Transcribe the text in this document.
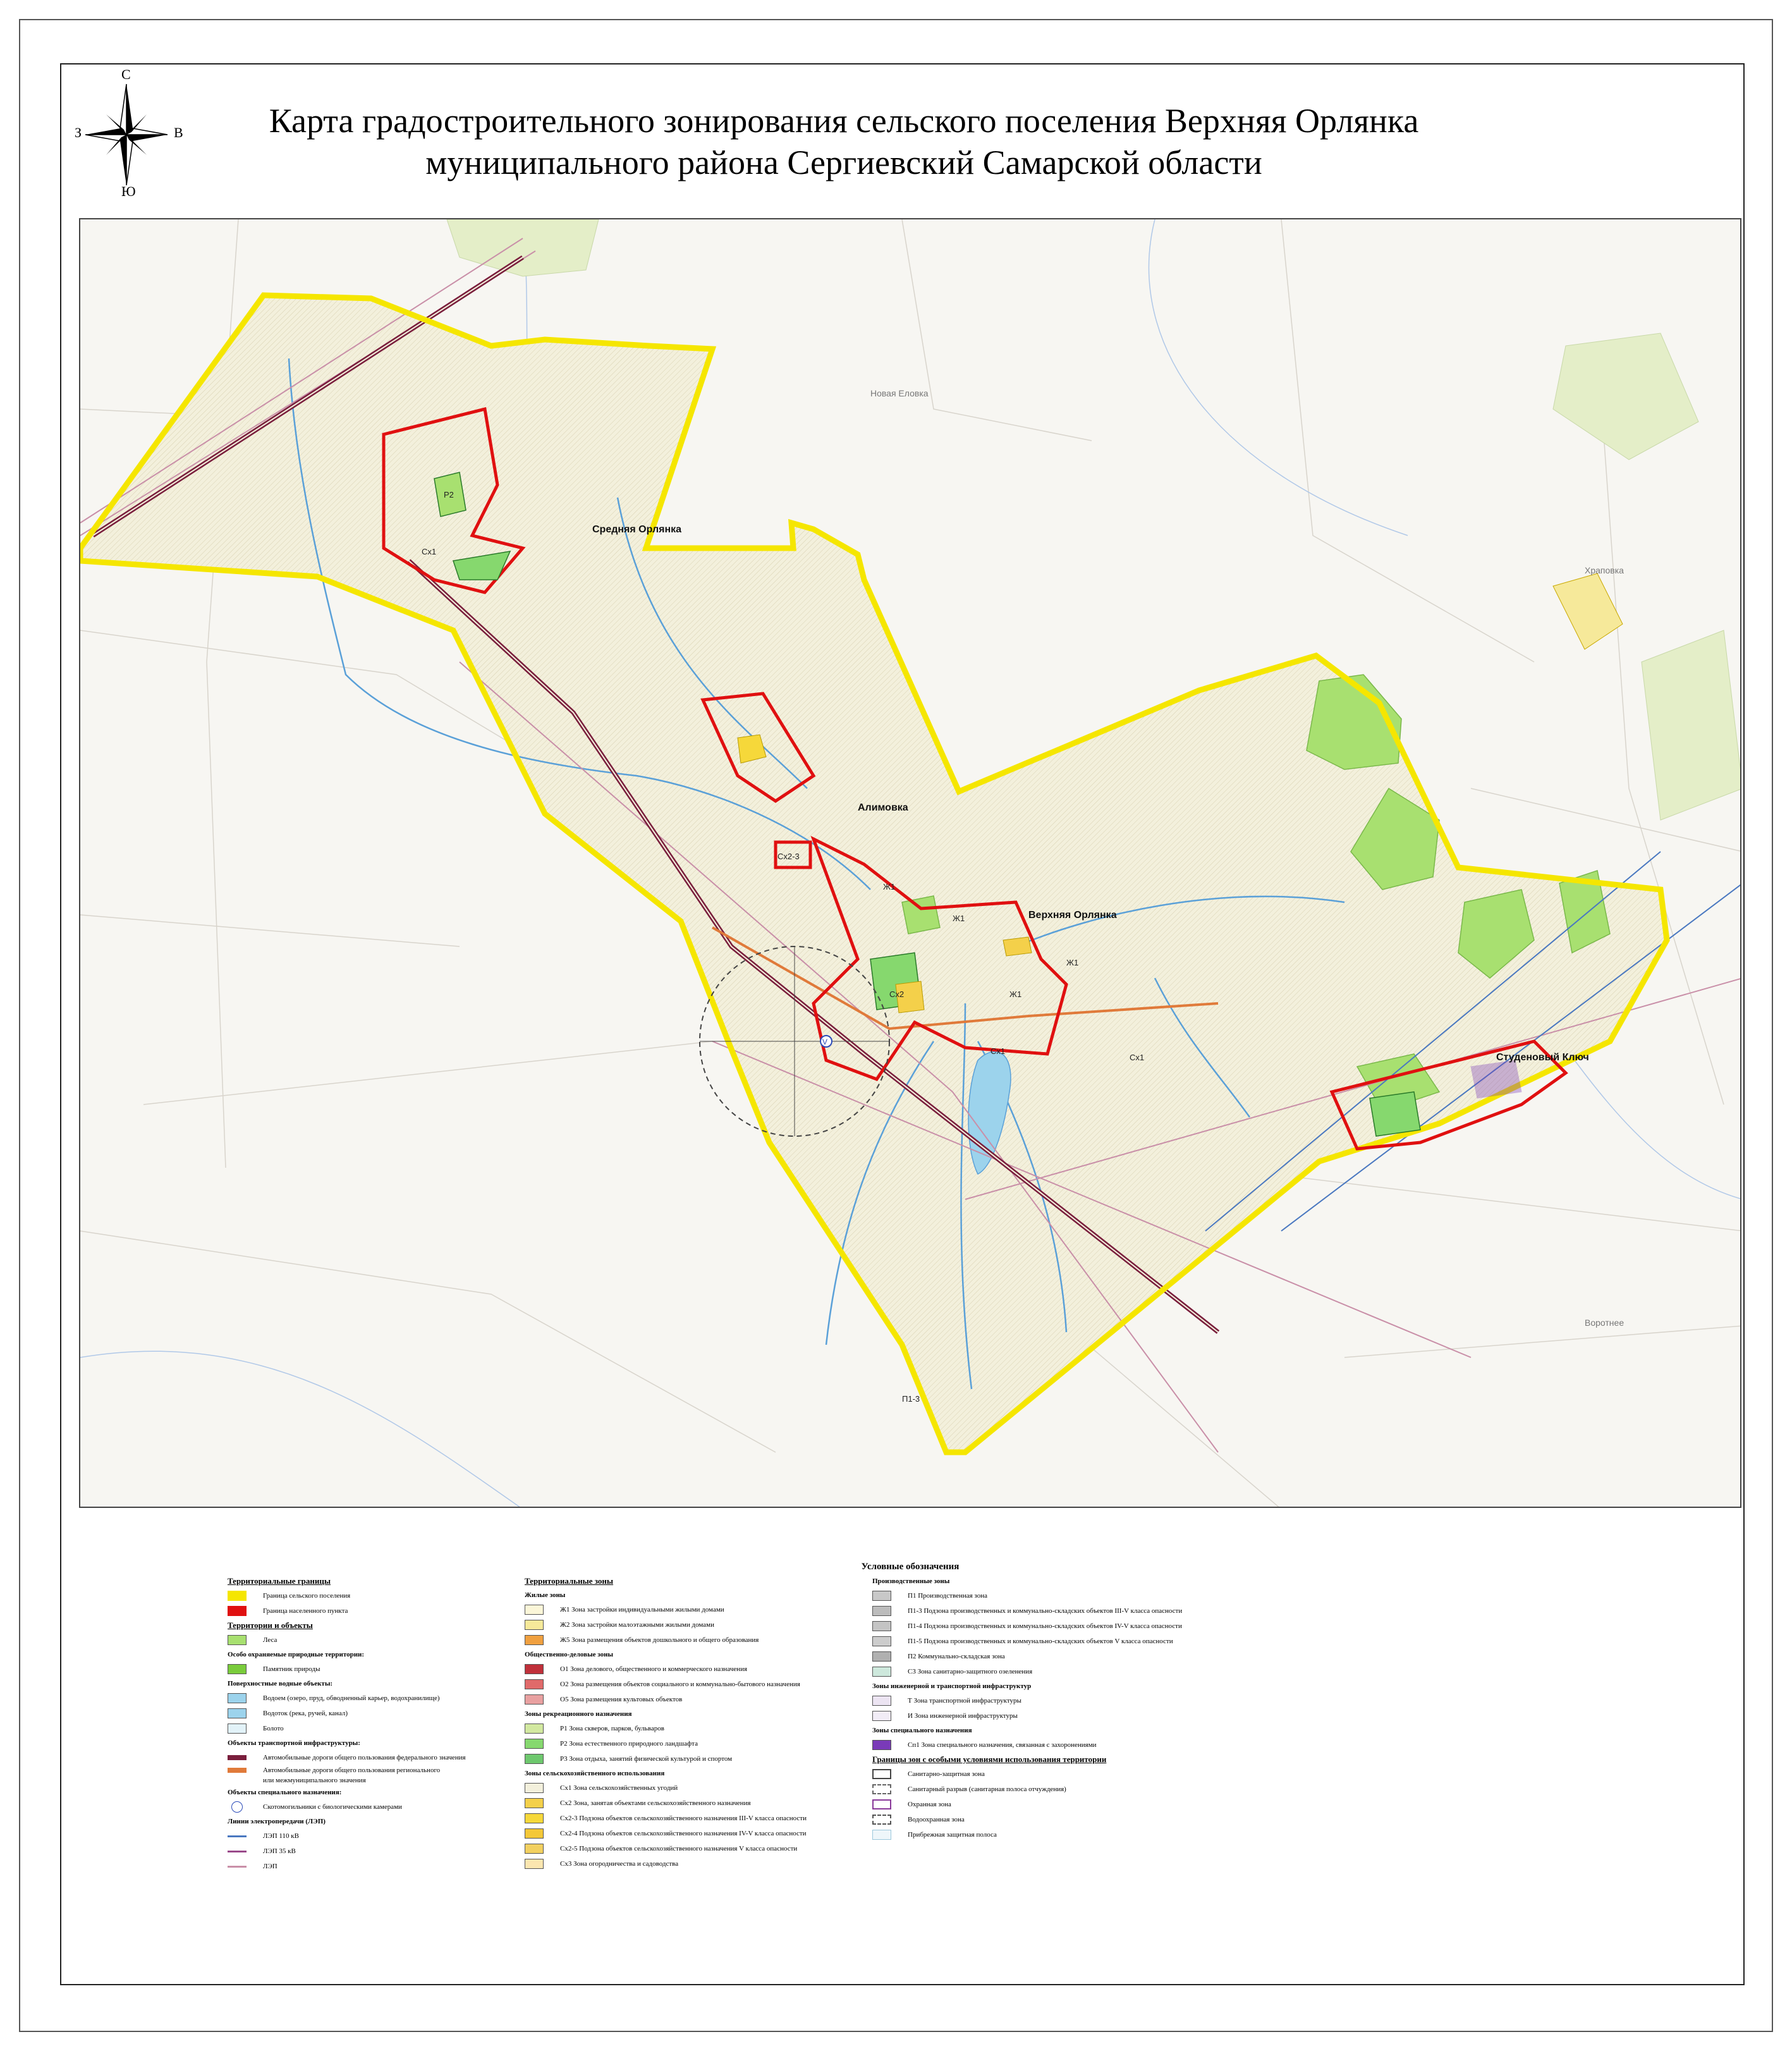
С
З	В
Ю
Карта градостроительного зонирования сельского поселения Верхняя Орлянка
муниципального района Сергиевский Самарской области
V
Средняя Орлянка
Алимовка
Верхняя Орлянка
Студеновый Ключ
Новая Еловка
Храповка
Воротнее
Сх1
Сх1
Сх1
Ж1
Ж1
Ж1
Ж1
Сх2-3
Р2
Сх2
П1-3
Условные обозначения
Территориальные границы
Граница сельского поселения
Граница населенного пункта
Территории и объекты
Леса
Особо охраняемые природные территории:
Памятник природы
Поверхностные водные объекты:
Водоем (озеро, пруд, обводненный карьер, водохранилище)
Водоток (река, ручей, канал)
Болото
Объекты транспортной инфраструктуры:
Автомобильные дороги общего пользования федерального значения
Автомобильные дороги общего пользования регионального
или межмуниципального значения
Объекты специального назначения:
Скотомогильники с биологическими камерами
Линии электропередачи (ЛЭП)
ЛЭП 110 кВ
ЛЭП 35 кВ
ЛЭП
Территориальные зоны
Жилые зоны
Ж1 Зона застройки индивидуальными жилыми домами
Ж2 Зона застройки малоэтажными жилыми домами
Ж5 Зона размещения объектов дошкольного и общего образования
Общественно-деловые зоны
О1 Зона делового, общественного и коммерческого назначения
О2 Зона размещения объектов социального и коммунально-бытового назначения
О5 Зона размещения культовых объектов
Зоны рекреационного назначения
Р1 Зона скверов, парков, бульваров
Р2 Зона естественного природного ландшафта
Р3 Зона отдыха, занятий физической культурой и спортом
Зоны сельскохозяйственного использования
Сх1 Зона сельскохозяйственных угодий
Сх2 Зона, занятая объектами сельскохозяйственного назначения
Сх2-3 Подзона объектов сельскохозяйственного назначения III-V класса опасности
Сх2-4 Подзона объектов сельскохозяйственного назначения IV-V класса опасности
Сх2-5 Подзона объектов сельскохозяйственного назначения V класса опасности
Сх3 Зона огородничества и садоводства
Производственные зоны
П1 Производственная зона
П1-3 Подзона производственных и коммунально-складских объектов III-V класса опасности
П1-4 Подзона производственных и коммунально-складских объектов IV-V класса опасности
П1-5 Подзона производственных и коммунально-складских объектов V класса опасности
П2 Коммунально-складская зона
С3 Зона санитарно-защитного озеленения
Зоны инженерной и транспортной инфраструктур
Т Зона транспортной инфраструктуры
И Зона инженерной инфраструктуры
Зоны специального назначения
Сп1 Зона специального назначения, связанная с захоронениями
Границы зон с особыми условиями использования территории
Санитарно-защитная зона
Санитарный разрыв (санитарная полоса отчуждения)
Охранная зона
Водоохранная зона
Прибрежная защитная полоса
